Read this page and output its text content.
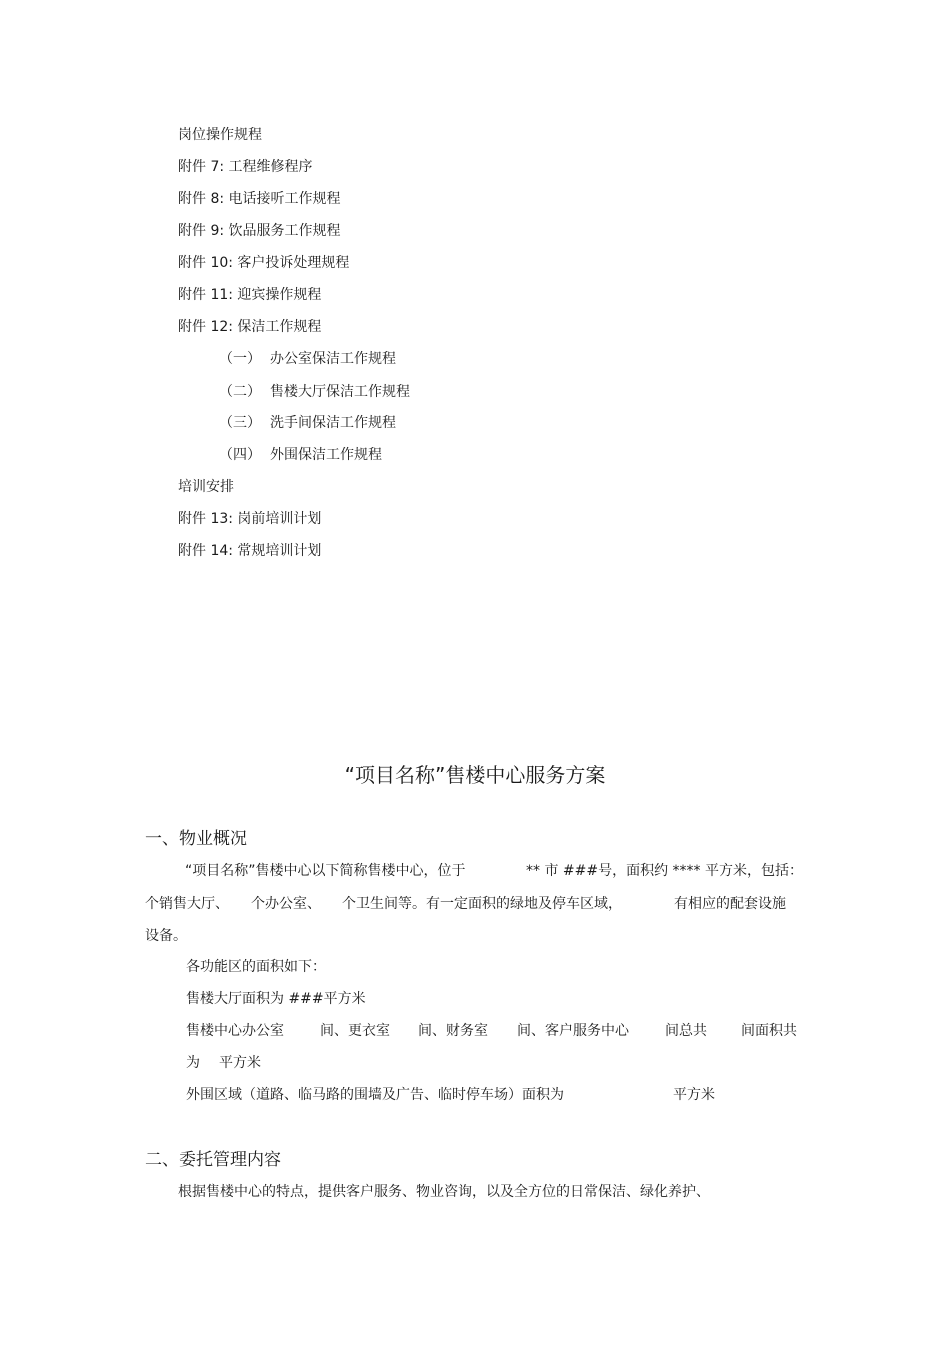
岗位操作规程
附件 7: 工程维修程序
附件 8: 电话接听工作规程
附件 9: 饮品服务工作规程
附件 10: 客户投诉处理规程
附件 11: 迎宾操作规程
附件 12: 保洁工作规程
（一） 办公室保洁工作规程
（二） 售楼大厅保洁工作规程
（三） 洗手间保洁工作规程
（四） 外围保洁工作规程
培训安排
附件 13: 岗前培训计划
附件 14: 常规培训计划
“项目名称”售楼中心服务方案
一、物业概况
“项目名称”售楼中心以下简称售楼中心，位于	** 市 ###号，面积约 **** 平方米，包括：
个销售大厅、 个办公室、 个卫生间等。有一定面积的绿地及停车区域，	有相应的配套设施
设备。
各功能区的面积如下：
售楼大厅面积为 ###平方米
售楼中心办公室	间、更衣室 间、财务室 间、客户服务中心	间总共 间面积共
为 平方米
外围区域（道路、临马路的围墙及广告、临时停车场）面积为	平方米
二、委托管理内容
根据售楼中心的特点，提供客户服务、物业咨询，以及全方位的日常保洁、绿化养护、
